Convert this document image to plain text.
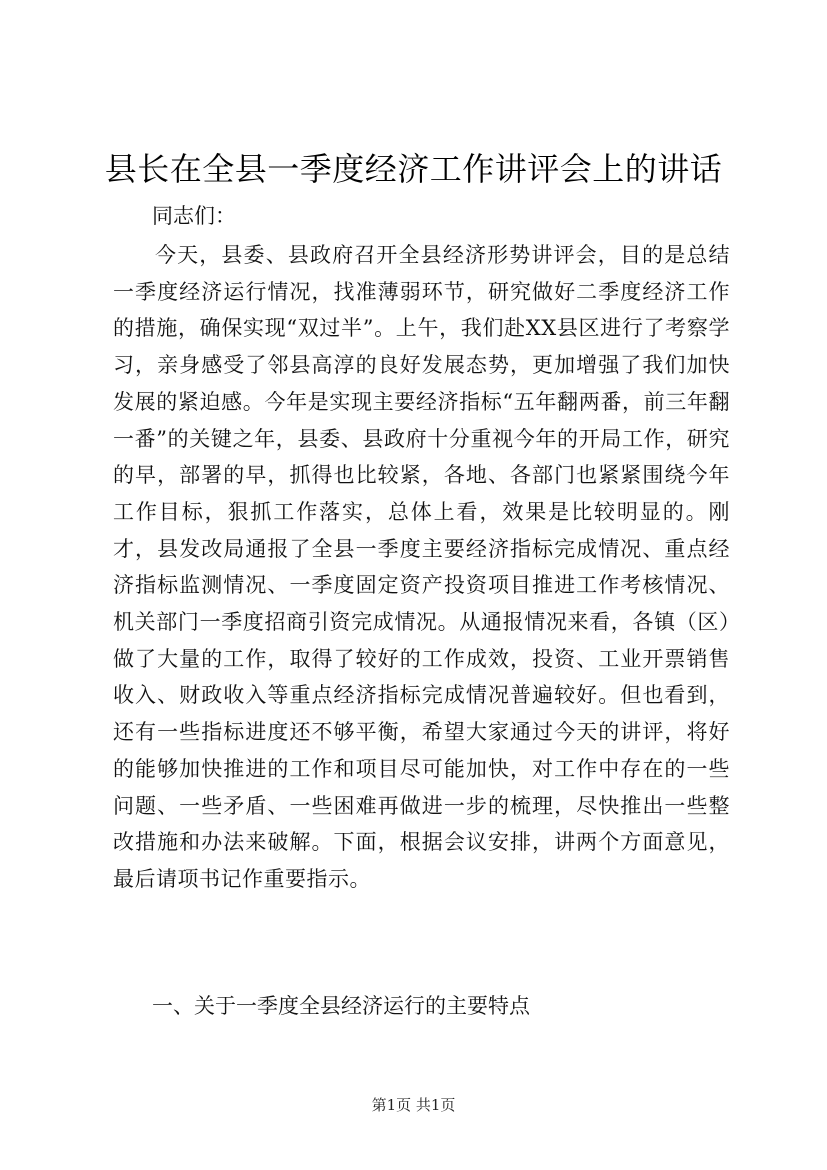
县长在全县一季度经济工作讲评会上的讲话

同志们：

今天，县委、县政府召开全县经济形势讲评会，目的是总结一季度经济运行情况，找准薄弱环节，研究做好二季度经济工作的措施，确保实现“双过半”。上午，我们赴XX县区进行了考察学习，亲身感受了邻县高淳的良好发展态势，更加增强了我们加快发展的紧迫感。今年是实现主要经济指标“五年翻两番，前三年翻一番”的关键之年，县委、县政府十分重视今年的开局工作，研究的早，部署的早，抓得也比较紧，各地、各部门也紧紧围绕今年工作目标，狠抓工作落实，总体上看，效果是比较明显的。刚才，县发改局通报了全县一季度主要经济指标完成情况、重点经济指标监测情况、一季度固定资产投资项目推进工作考核情况、机关部门一季度招商引资完成情况。从通报情况来看，各镇（区）做了大量的工作，取得了较好的工作成效，投资、工业开票销售收入、财政收入等重点经济指标完成情况普遍较好。但也看到，还有一些指标进度还不够平衡，希望大家通过今天的讲评，将好的能够加快推进的工作和项目尽可能加快，对工作中存在的一些问题、一些矛盾、一些困难再做进一步的梳理，尽快推出一些整改措施和办法来破解。下面，根据会议安排，讲两个方面意见，最后请项书记作重要指示。

一、关于一季度全县经济运行的主要特点

第1页 共1页
